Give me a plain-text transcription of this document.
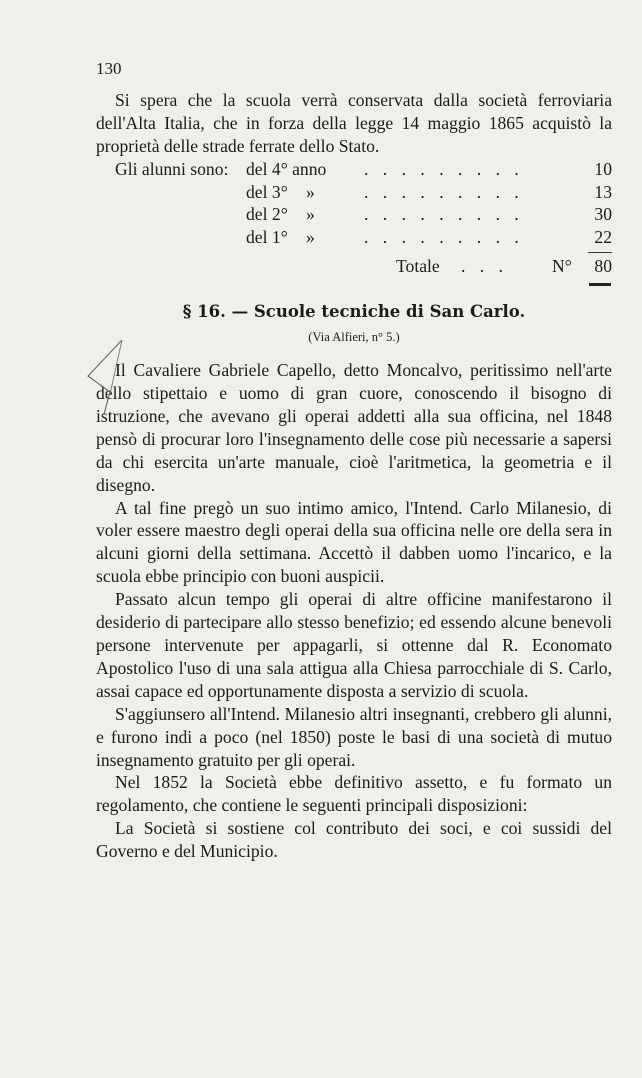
130

Si spera che la scuola verrà conservata dalla società ferroviaria dell'Alta Italia, che in forza della legge 14 maggio 1865 acquistò la proprietà delle strade ferrate dello Stato.

Gli alunni sono: del 4° anno . . . . . . . . .	10
del 3° »	. . . . . . . . .	13
del 2° »	. . . . . . . . .	30
del 1° »	. . . . . . . . .	22
Totale . . .	N° 80
§ 16. — Scuole tecniche di San Carlo.
(Via Alfieri, n° 5.)

Il Cavaliere Gabriele Capello, detto Moncalvo, peritissimo nell'arte dello stipettaio e uomo di gran cuore, conoscendo il bisogno di istruzione, che avevano gli operai addetti alla sua officina, nel 1848 pensò di procurar loro l'insegnamento delle cose più necessarie a sapersi da chi esercita un'arte manuale, cioè l'aritmetica, la geometria e il disegno.

A tal fine pregò un suo intimo amico, l'Intend. Carlo Milanesio, di voler essere maestro degli operai della sua officina nelle ore della sera in alcuni giorni della settimana. Accettò il dabben uomo l'incarico, e la scuola ebbe principio con buoni auspicii.

Passato alcun tempo gli operai di altre officine manifestarono il desiderio di partecipare allo stesso benefizio; ed essendo alcune benevoli persone intervenute per appagarli, si ottenne dal R. Economato Apostolico l'uso di una sala attigua alla Chiesa parrocchiale di S. Carlo, assai capace ed opportunamente disposta a servizio di scuola.

S'aggiunsero all'Intend. Milanesio altri insegnanti, crebbero gli alunni, e furono indi a poco (nel 1850) poste le basi di una società di mutuo insegnamento gratuito per gli operai.

Nel 1852 la Società ebbe definitivo assetto, e fu formato un regolamento, che contiene le seguenti principali disposizioni:

La Società si sostiene col contributo dei soci, e coi sussidi del Governo e del Municipio.
